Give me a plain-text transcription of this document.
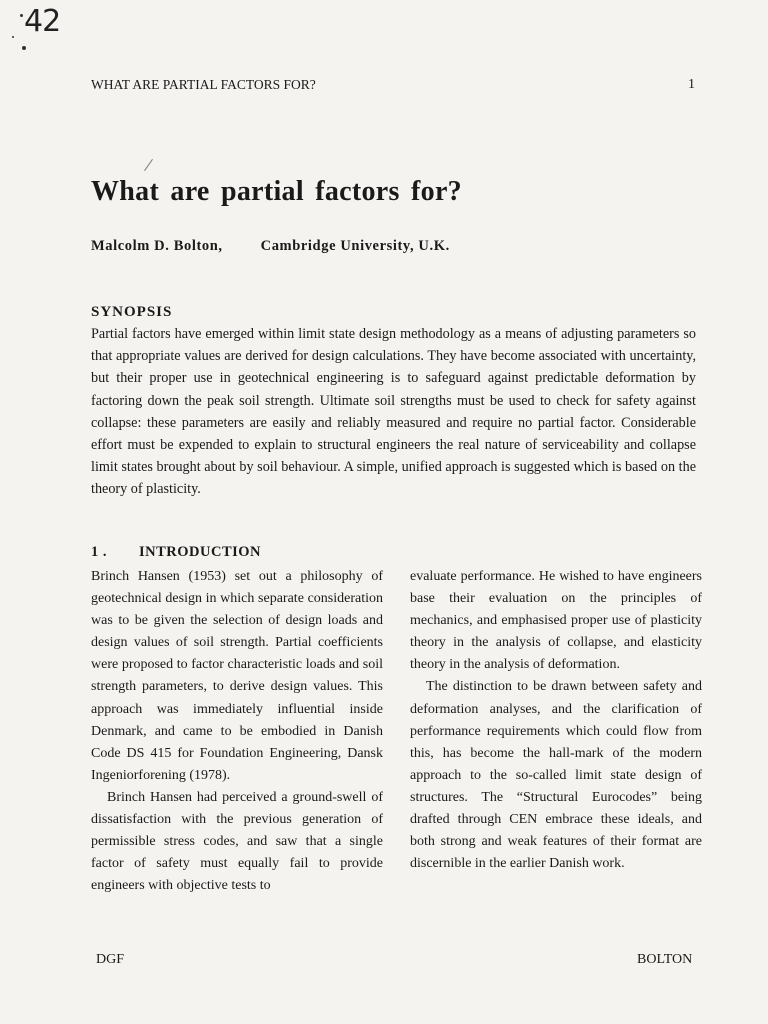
42
WHAT ARE PARTIAL FACTORS FOR?	1
What are partial factors for?
Malcolm D. Bolton,	Cambridge University, U.K.
SYNOPSIS

Partial factors have emerged within limit state design methodology as a means of adjusting parameters so that appropriate values are derived for design calculations. They have become associated with uncertainty, but their proper use in geotechnical engineering is to safeguard against predictable deformation by factoring down the peak soil strength. Ultimate soil strengths must be used to check for safety against collapse: these parameters are easily and reliably measured and require no partial factor. Considerable effort must be expended to explain to structural engineers the real nature of serviceability and collapse limit states brought about by soil behaviour. A simple, unified approach is suggested which is based on the theory of plasticity.

1 . INTRODUCTION

Brinch Hansen (1953) set out a philosophy of geotechnical design in which separate consideration was to be given the selection of design loads and design values of soil strength. Partial coefficients were proposed to factor characteristic loads and soil strength parameters, to derive design values. This approach was immediately influential inside Denmark, and came to be embodied in Danish Code DS 415 for Foundation Engineering, Dansk Ingeniorforening (1978).

Brinch Hansen had perceived a ground-swell of dissatisfaction with the previous generation of permissible stress codes, and saw that a single factor of safety must equally fail to provide engineers with objective tests to

evaluate performance. He wished to have engineers base their evaluation on the principles of mechanics, and emphasised proper use of plasticity theory in the analysis of collapse, and elasticity theory in the analysis of deformation.

The distinction to be drawn between safety and deformation analyses, and the clarification of performance requirements which could flow from this, has become the hall-mark of the modern approach to the so-called limit state design of structures. The “Structural Eurocodes” being drafted through CEN embrace these ideals, and both strong and weak features of their format are discernible in the earlier Danish work.

DGF	BOLTON
